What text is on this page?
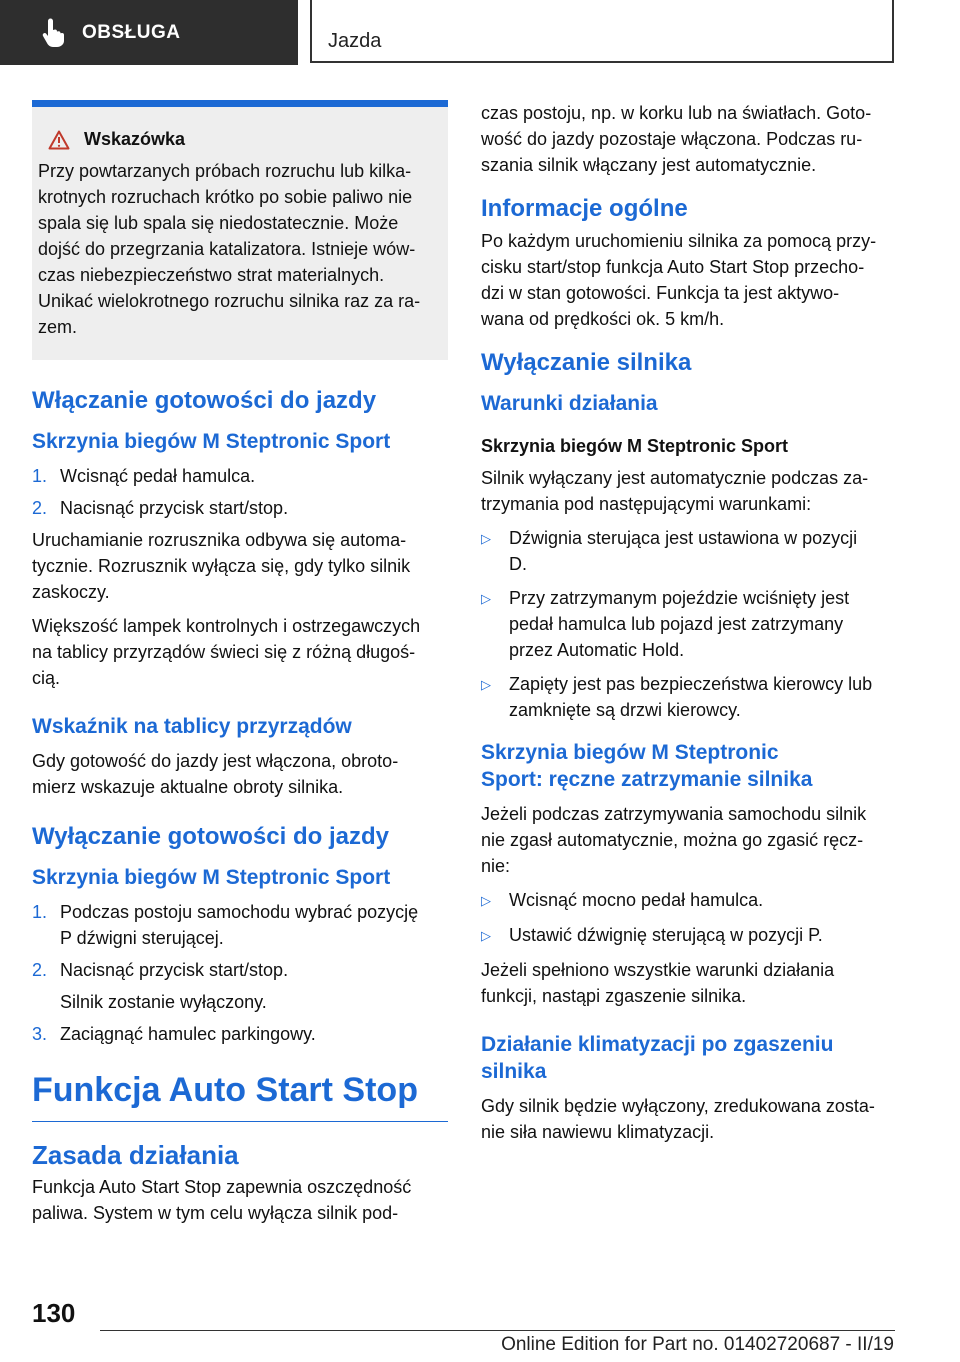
OBSŁUGA	Jazda
Wskazówka

Przy powtarzanych próbach rozruchu lub kilka-
krotnych rozruchach krótko po sobie paliwo nie
spala się lub spala się niedostatecznie. Może
dojść do przegrzania katalizatora. Istnieje wów-
czas niebezpieczeństwo strat materialnych.
Unikać wielokrotnego rozruchu silnika raz za ra-
zem.

Włączanie gotowości do jazdy
Skrzynia biegów M Steptronic Sport
1. Wcisnąć pedał hamulca.
2. Nacisnąć przycisk start/stop.

Uruchamianie rozrusznika odbywa się automa-
tycznie. Rozrusznik wyłącza się, gdy tylko silnik
zaskoczy.

Większość lampek kontrolnych i ostrzegawczych
na tablicy przyrządów świeci się z różną długoś-
cią.

Wskaźnik na tablicy przyrządów

Gdy gotowość do jazdy jest włączona, obroto-
mierz wskazuje aktualne obroty silnika.

Wyłączanie gotowości do jazdy
Skrzynia biegów M Steptronic Sport
1. Podczas postoju samochodu wybrać pozycję
P dźwigni sterującej.
2. Nacisnąć przycisk start/stop.
Silnik zostanie wyłączony.
3. Zaciągnąć hamulec parkingowy.
Funkcja Auto Start Stop
Zasada działania

Funkcja Auto Start Stop zapewnia oszczędność
paliwa. System w tym celu wyłącza silnik pod-

czas postoju, np. w korku lub na światłach. Goto-
wość do jazdy pozostaje włączona. Podczas ru-
szania silnik włączany jest automatycznie.

Informacje ogólne

Po każdym uruchomieniu silnika za pomocą przy-
cisku start/stop funkcja Auto Start Stop przecho-
dzi w stan gotowości. Funkcja ta jest aktywo-
wana od prędkości ok. 5 km/h.

Wyłączanie silnika
Warunki działania
Skrzynia biegów M Steptronic Sport

Silnik wyłączany jest automatycznie podczas za-
trzymania pod następującymi warunkami:

▷	Dźwignia sterująca jest ustawiona w pozycji
D.
▷	Przy zatrzymanym pojeździe wciśnięty jest
pedał hamulca lub pojazd jest zatrzymany
przez Automatic Hold.
▷	Zapięty jest pas bezpieczeństwa kierowcy lub
zamknięte są drzwi kierowcy.
Skrzynia biegów M Steptronic
Sport: ręczne zatrzymanie silnika

Jeżeli podczas zatrzymywania samochodu silnik
nie zgasł automatycznie, można go zgasić ręcz-
nie:

▷	Wcisnąć mocno pedał hamulca.
▷	Ustawić dźwignię sterującą w pozycji P.

Jeżeli spełniono wszystkie warunki działania
funkcji, nastąpi zgaszenie silnika.

Działanie klimatyzacji po zgaszeniu
silnika

Gdy silnik będzie wyłączony, zredukowana zosta-
nie siła nawiewu klimatyzacji.

130
Online Edition for Part no. 01402720687 - II/19
